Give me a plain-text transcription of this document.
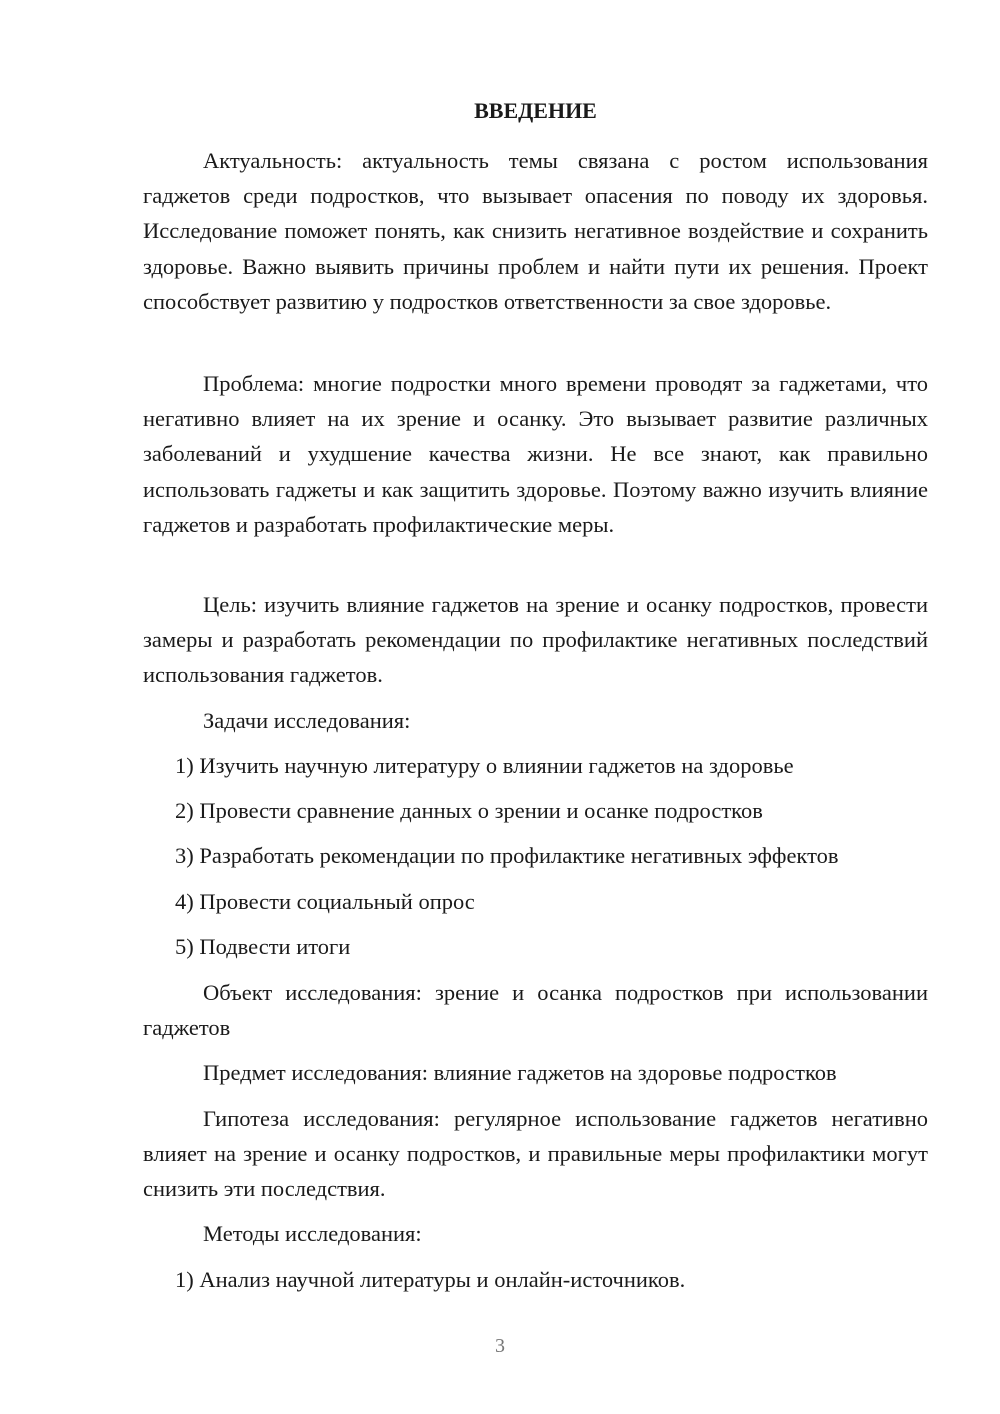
ВВЕДЕНИЕ

Актуальность: актуальность темы связана с ростом использования гаджетов среди подростков, что вызывает опасения по поводу их здоровья. Исследование поможет понять, как снизить негативное воздействие и сохранить здоровье. Важно выявить причины проблем и найти пути их решения. Проект способствует развитию у подростков ответственности за свое здоровье.

Проблема: многие подростки много времени проводят за гаджетами, что негативно влияет на их зрение и осанку. Это вызывает развитие различных заболеваний и ухудшение качества жизни. Не все знают, как правильно использовать гаджеты и как защитить здоровье. Поэтому важно изучить влияние гаджетов и разработать профилактические меры.

Цель: изучить влияние гаджетов на зрение и осанку подростков, провести замеры и разработать рекомендации по профилактике негативных последствий использования гаджетов.

Задачи исследования:

1) Изучить научную литературу о влиянии гаджетов на здоровье

2) Провести сравнение данных о зрении и осанке подростков

3) Разработать рекомендации по профилактике негативных эффектов

4) Провести социальный опрос

5) Подвести итоги

Объект исследования: зрение и осанка подростков при использовании гаджетов

Предмет исследования: влияние гаджетов на здоровье подростков

Гипотеза исследования: регулярное использование гаджетов негативно влияет на зрение и осанку подростков, и правильные меры профилактики могут снизить эти последствия.

Методы исследования:

1) Анализ научной литературы и онлайн-источников.

3
